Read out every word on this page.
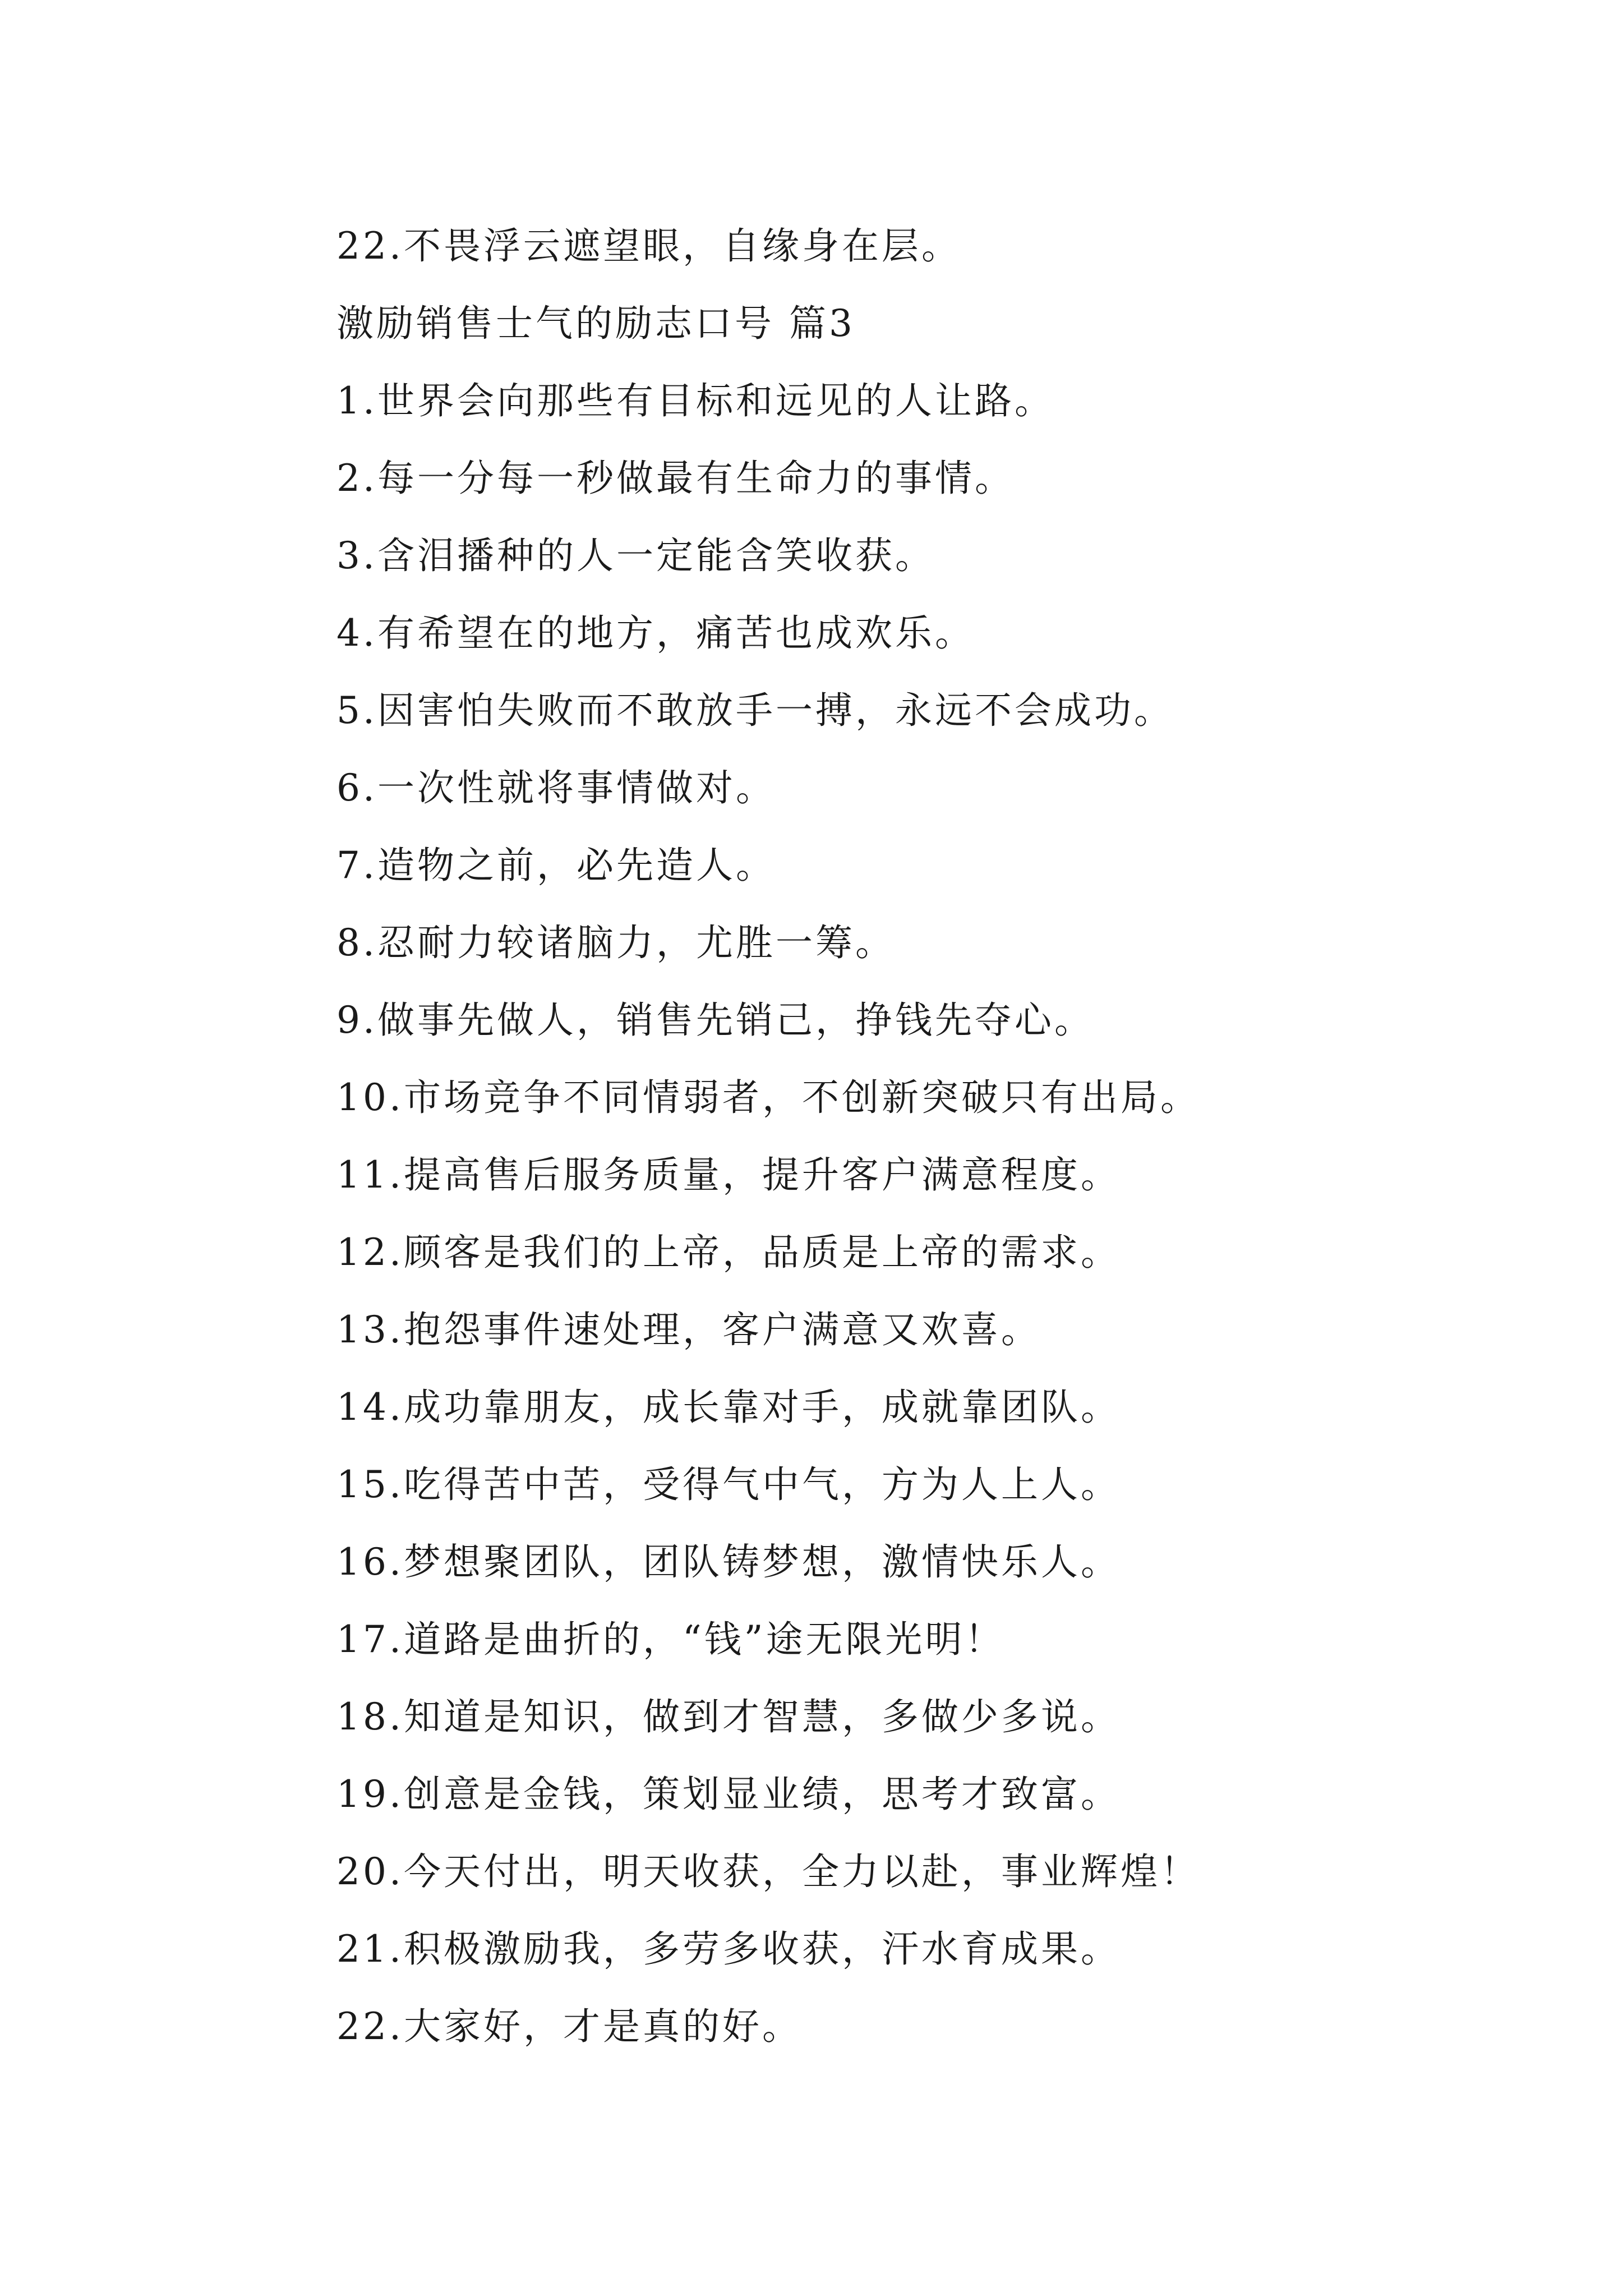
22.不畏浮云遮望眼，自缘身在层。
激励销售士气的励志口号 篇3
1.世界会向那些有目标和远见的人让路。
2.每一分每一秒做最有生命力的事情。
3.含泪播种的人一定能含笑收获。
4.有希望在的地方，痛苦也成欢乐。
5.因害怕失败而不敢放手一搏，永远不会成功。
6.一次性就将事情做对。
7.造物之前，必先造人。
8.忍耐力较诸脑力，尤胜一筹。
9.做事先做人，销售先销己，挣钱先夺心。
10.市场竞争不同情弱者，不创新突破只有出局。
11.提高售后服务质量，提升客户满意程度。
12.顾客是我们的上帝，品质是上帝的需求。
13.抱怨事件速处理，客户满意又欢喜。
14.成功靠朋友，成长靠对手，成就靠团队。
15.吃得苦中苦，受得气中气，方为人上人。
16.梦想聚团队，团队铸梦想，激情快乐人。
17.道路是曲折的，“钱”途无限光明！
18.知道是知识，做到才智慧，多做少多说。
19.创意是金钱，策划显业绩，思考才致富。
20.今天付出，明天收获，全力以赴，事业辉煌！
21.积极激励我，多劳多收获，汗水育成果。
22.大家好，才是真的好。
